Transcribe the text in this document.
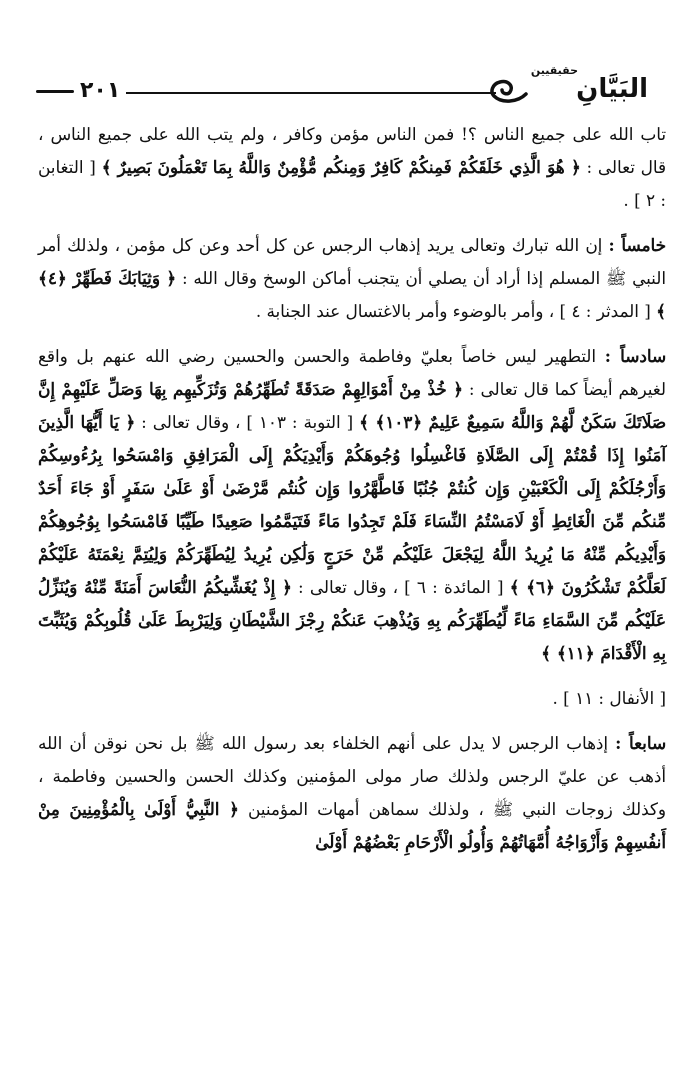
٢٠١
حقيقيين
البَيَّانِ

تاب الله على جميع الناس ؟! فمن الناس مؤمن وكافر ، ولم يتب الله على جميع الناس ، قال تعالى : ﴿ هُوَ الَّذِي خَلَقَكُمْ فَمِنكُمْ كَافِرٌ وَمِنكُم مُّؤْمِنٌ وَاللَّهُ بِمَا تَعْمَلُونَ بَصِيرٌ ﴾ [ التغابن : ٢ ] .

خامساً : إن الله تبارك وتعالى يريد إذهاب الرجس عن كل أحد وعن كل مؤمن ، ولذلك أمر النبي ﷺ المسلم إذا أراد أن يصلي أن يتجنب أماكن الوسخ وقال الله : ﴿ وَثِيَابَكَ فَطَهِّرْ ﴿٤﴾ ﴾ [ المدثر : ٤ ] ، وأمر بالوضوء وأمر بالاغتسال عند الجنابة .

سادساً : التطهير ليس خاصاً بعليّ وفاطمة والحسن والحسين رضي الله عنهم بل واقع لغيرهم أيضاً كما قال تعالى : ﴿ خُذْ مِنْ أَمْوَالِهِمْ صَدَقَةً تُطَهِّرُهُمْ وَتُزَكِّيهِم بِهَا وَصَلِّ عَلَيْهِمْ إِنَّ صَلَاتَكَ سَكَنٌ لَّهُمْ وَاللَّهُ سَمِيعٌ عَلِيمٌ ﴿١٠٣﴾ ﴾ [ التوبة : ١٠٣ ] ، وقال تعالى : ﴿ يَا أَيُّهَا الَّذِينَ آمَنُوا إِذَا قُمْتُمْ إِلَى الصَّلَاةِ فَاغْسِلُوا وُجُوهَكُمْ وَأَيْدِيَكُمْ إِلَى الْمَرَافِقِ وَامْسَحُوا بِرُءُوسِكُمْ وَأَرْجُلَكُمْ إِلَى الْكَعْبَيْنِ وَإِن كُنتُمْ جُنُبًا فَاطَّهَّرُوا وَإِن كُنتُم مَّرْضَىٰ أَوْ عَلَىٰ سَفَرٍ أَوْ جَاءَ أَحَدٌ مِّنكُم مِّنَ الْغَائِطِ أَوْ لَامَسْتُمُ النِّسَاءَ فَلَمْ تَجِدُوا مَاءً فَتَيَمَّمُوا صَعِيدًا طَيِّبًا فَامْسَحُوا بِوُجُوهِكُمْ وَأَيْدِيكُم مِّنْهُ مَا يُرِيدُ اللَّهُ لِيَجْعَلَ عَلَيْكُم مِّنْ حَرَجٍ وَلَٰكِن يُرِيدُ لِيُطَهِّرَكُمْ وَلِيُتِمَّ نِعْمَتَهُ عَلَيْكُمْ لَعَلَّكُمْ تَشْكُرُونَ ﴿٦﴾ ﴾ [ المائدة : ٦ ] ، وقال تعالى : ﴿ إِذْ يُغَشِّيكُمُ النُّعَاسَ أَمَنَةً مِّنْهُ وَيُنَزِّلُ عَلَيْكُم مِّنَ السَّمَاءِ مَاءً لِّيُطَهِّرَكُم بِهِ وَيُذْهِبَ عَنكُمْ رِجْزَ الشَّيْطَانِ وَلِيَرْبِطَ عَلَىٰ قُلُوبِكُمْ وَيُثَبِّتَ بِهِ الْأَقْدَامَ ﴿١١﴾ ﴾

[ الأنفال : ١١ ] .

سابعاً : إذهاب الرجس لا يدل على أنهم الخلفاء بعد رسول الله ﷺ بل نحن نوقن أن الله أذهب عن عليّ الرجس ولذلك صار مولى المؤمنين وكذلك الحسن والحسين وفاطمة ، وكذلك زوجات النبي ﷺ ، ولذلك سماهن أمهات المؤمنين ﴿ النَّبِيُّ أَوْلَىٰ بِالْمُؤْمِنِينَ مِنْ أَنفُسِهِمْ وَأَزْوَاجُهُ أُمَّهَاتُهُمْ وَأُولُو الْأَرْحَامِ بَعْضُهُمْ أَوْلَىٰ
